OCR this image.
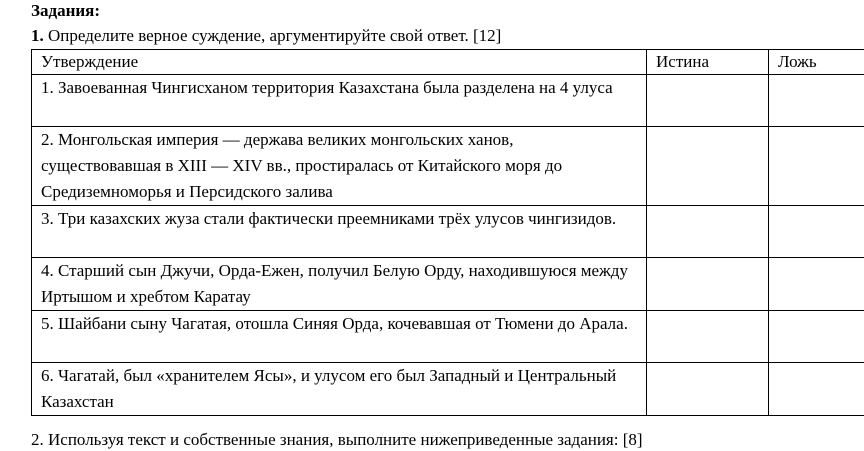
Задания:
1. Определите верное суждение, аргументируйте свой ответ. [12]
Утверждение	Истина	Ложь
1. Завоеванная Чингисханом территория Казахстана была разделена на 4 улуса		
2. Монгольская империя — держава великих монгольских ханов, существовавшая в XIII — XIV вв., простиралась от Китайского моря до Средиземноморья и Персидского залива		
3. Три казахских жуза стали фактически преемниками трёх улусов чингизидов.		
4. Старший сын Джучи, Орда-Ежен, получил Белую Орду, находившуюся между Иртышом и хребтом Каратау		
5. Шайбани сыну Чагатая, отошла Синяя Орда, кочевавшая от Тюмени до Арала.		
6. Чагатай, был «хранителем Ясы», и улусом его был Западный и Центральный Казахстан		
2. Используя текст и собственные знания, выполните нижеприведенные задания: [8]
